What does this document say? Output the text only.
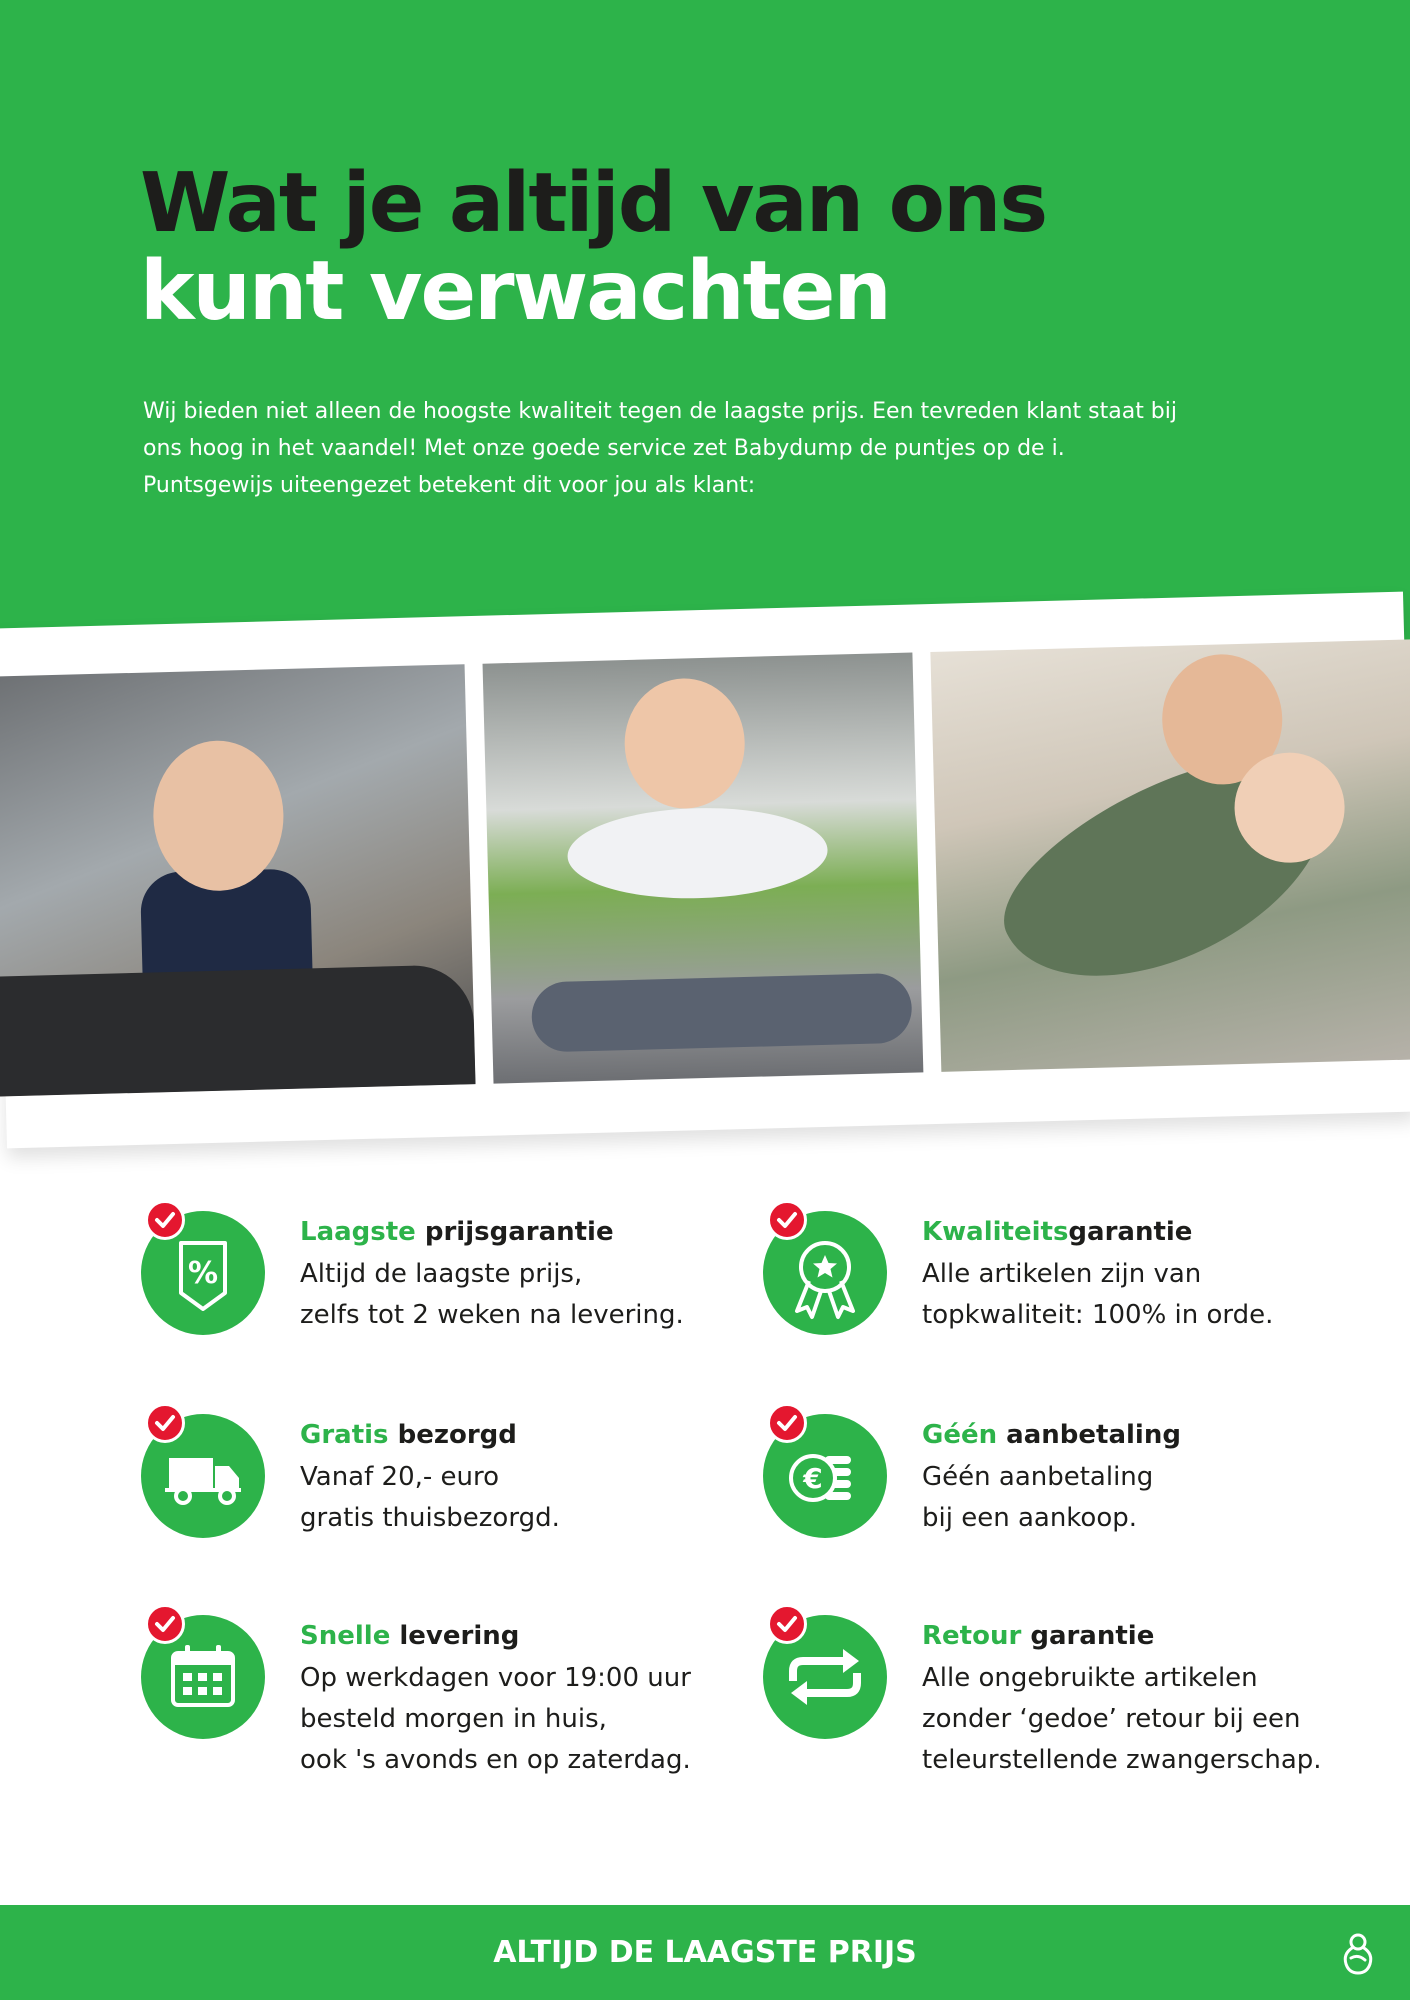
Wat je altijd van ons
kunt verwachten

Wij bieden niet alleen de hoogste kwaliteit tegen de laagste prijs. Een tevreden klant staat bij ons hoog in het vaandel! Met onze goede service zet Babydump de puntjes op de i. Puntsgewijs uiteengezet betekent dit voor jou als klant:

%

Laagste prijsgarantie

Altijd de laagste prijs,
zelfs tot 2 weken na levering.

Kwaliteitsgarantie

Alle artikelen zijn van
topkwaliteit: 100% in orde.

Gratis bezorgd

Vanaf 20,- euro
gratis thuisbezorgd.

€

Géén aanbetaling

Géén aanbetaling
bij een aankoop.

Snelle levering

Op werkdagen voor 19:00 uur
besteld morgen in huis,
ook 's avonds en op zaterdag.

Retour garantie

Alle ongebruikte artikelen
zonder ‘gedoe’ retour bij een
teleurstellende zwangerschap.

ALTIJD DE LAAGSTE PRIJS
